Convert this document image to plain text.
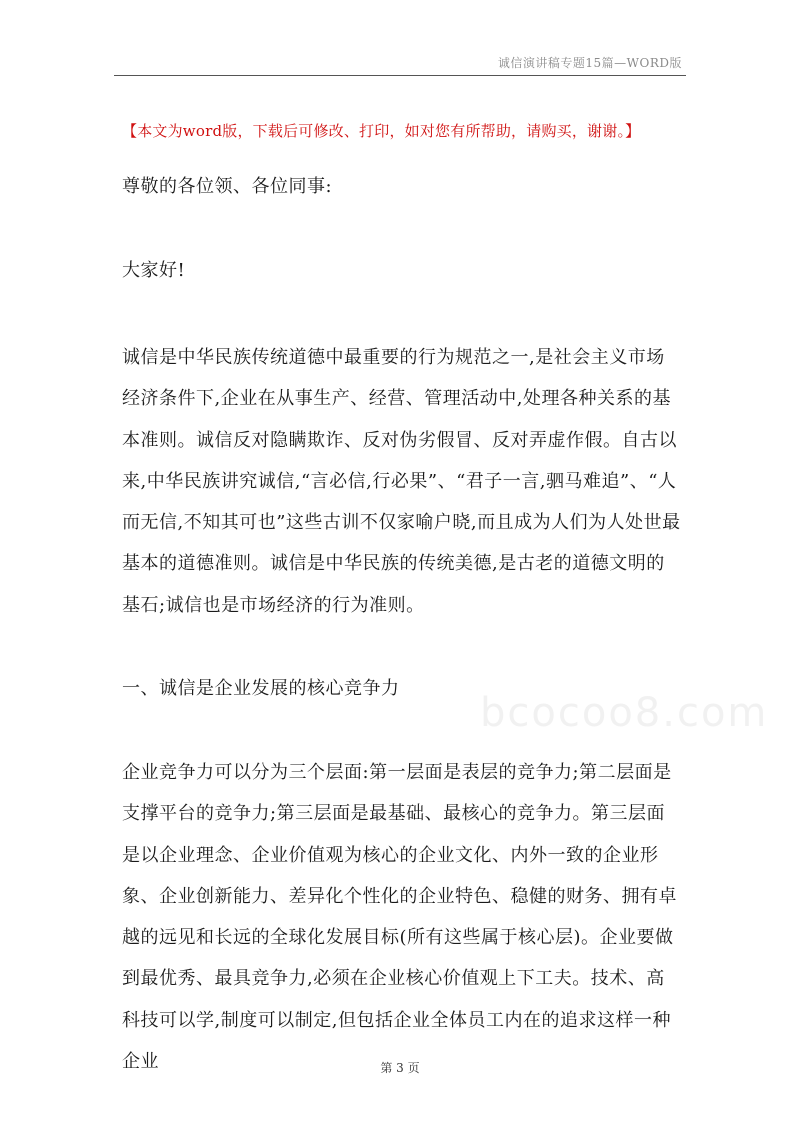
诚信演讲稿专题15篇—WORD版
【本文为word版，下载后可修改、打印，如对您有所帮助，请购买，谢谢。】
尊敬的各位领、各位同事:
大家好!

诚信是中华民族传统道德中最重要的行为规范之一,是社会主义市场经济条件下,企业在从事生产、经营、管理活动中,处理各种关系的基本准则。诚信反对隐瞒欺诈、反对伪劣假冒、反对弄虚作假。自古以来,中华民族讲究诚信,“言必信,行必果”、“君子一言,驷马难追”、“人而无信,不知其可也”这些古训不仅家喻户晓,而且成为人们为人处世最基本的道德准则。诚信是中华民族的传统美德,是古老的道德文明的基石;诚信也是市场经济的行为准则。

一、诚信是企业发展的核心竞争力
bcocoo8.com

企业竞争力可以分为三个层面:第一层面是表层的竞争力;第二层面是支撑平台的竞争力;第三层面是最基础、最核心的竞争力。第三层面是以企业理念、企业价值观为核心的企业文化、内外一致的企业形象、企业创新能力、差异化个性化的企业特色、稳健的财务、拥有卓越的远见和长远的全球化发展目标(所有这些属于核心层)。企业要做到最优秀、最具竞争力,必须在企业核心价值观上下工夫。技术、高科技可以学,制度可以制定,但包括企业全体员工内在的追求这样一种企业	第 3 页
